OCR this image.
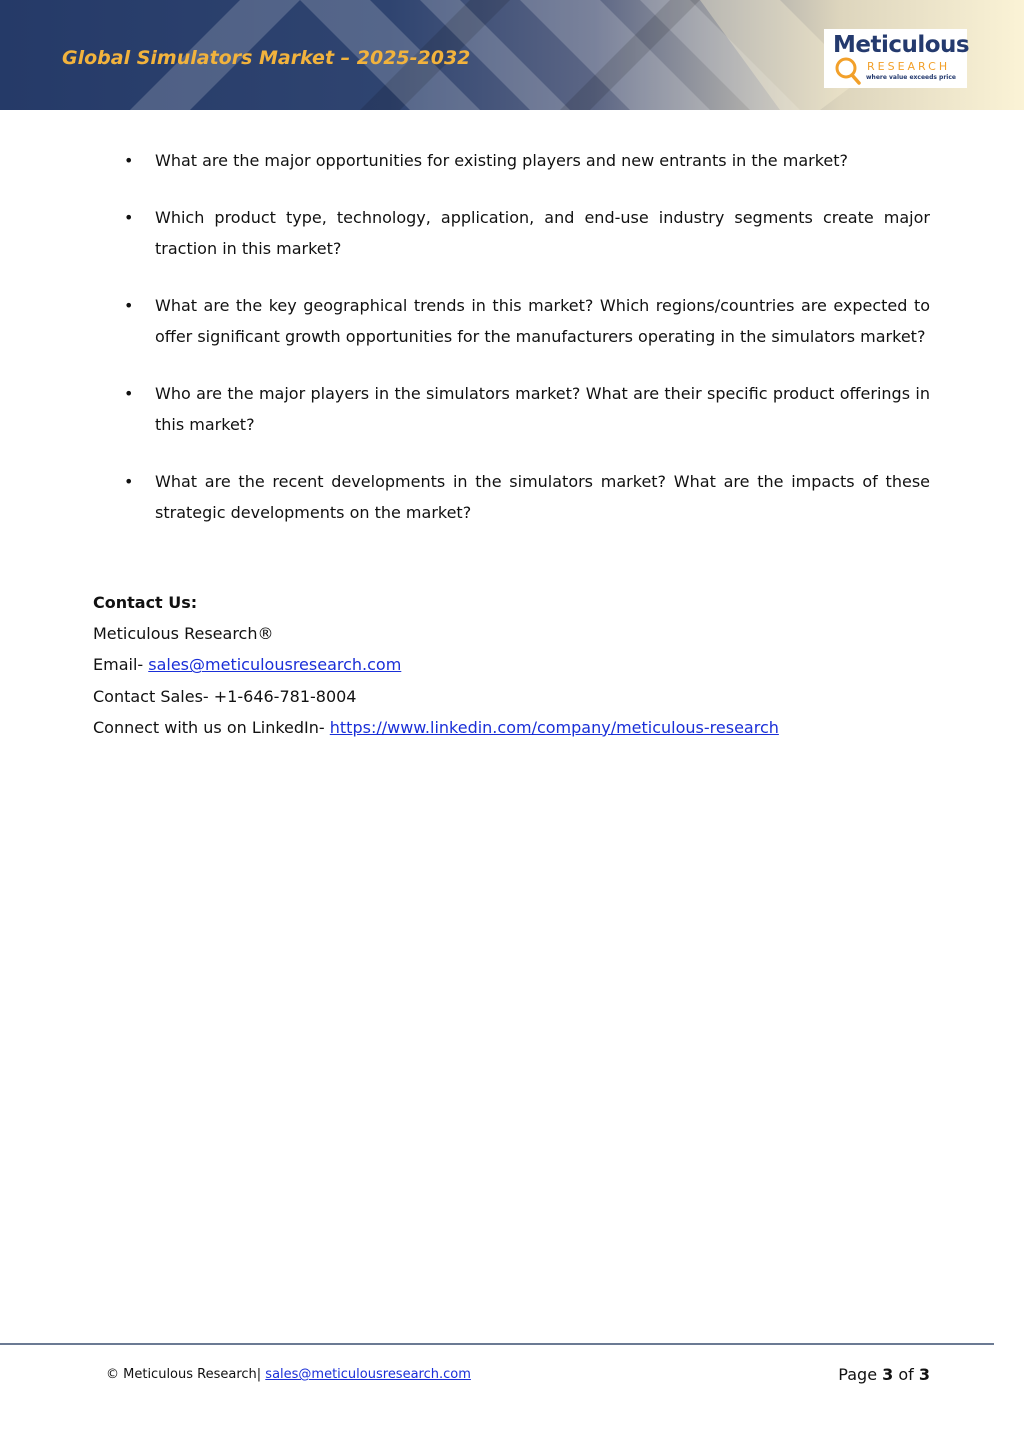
Global Simulators Market – 2025-2032	Meticulous
RESEARCH
where value exceeds price
• What are the major opportunities for existing players and new entrants in the market?
• Which product type, technology, application, and end-use industry segments create major traction in this market?
• What are the key geographical trends in this market? Which regions/countries are expected to offer significant growth opportunities for the manufacturers operating in the simulators market?
• Who are the major players in the simulators market? What are their specific product offerings in this market?
• What are the recent developments in the simulators market? What are the impacts of these strategic developments on the market?
Contact Us:
Meticulous Research®
Email- sales@meticulousresearch.com
Contact Sales- +1-646-781-8004
Connect with us on LinkedIn- https://www.linkedin.com/company/meticulous-research
© Meticulous Research| sales@meticulousresearch.com	Page 3 of 3
